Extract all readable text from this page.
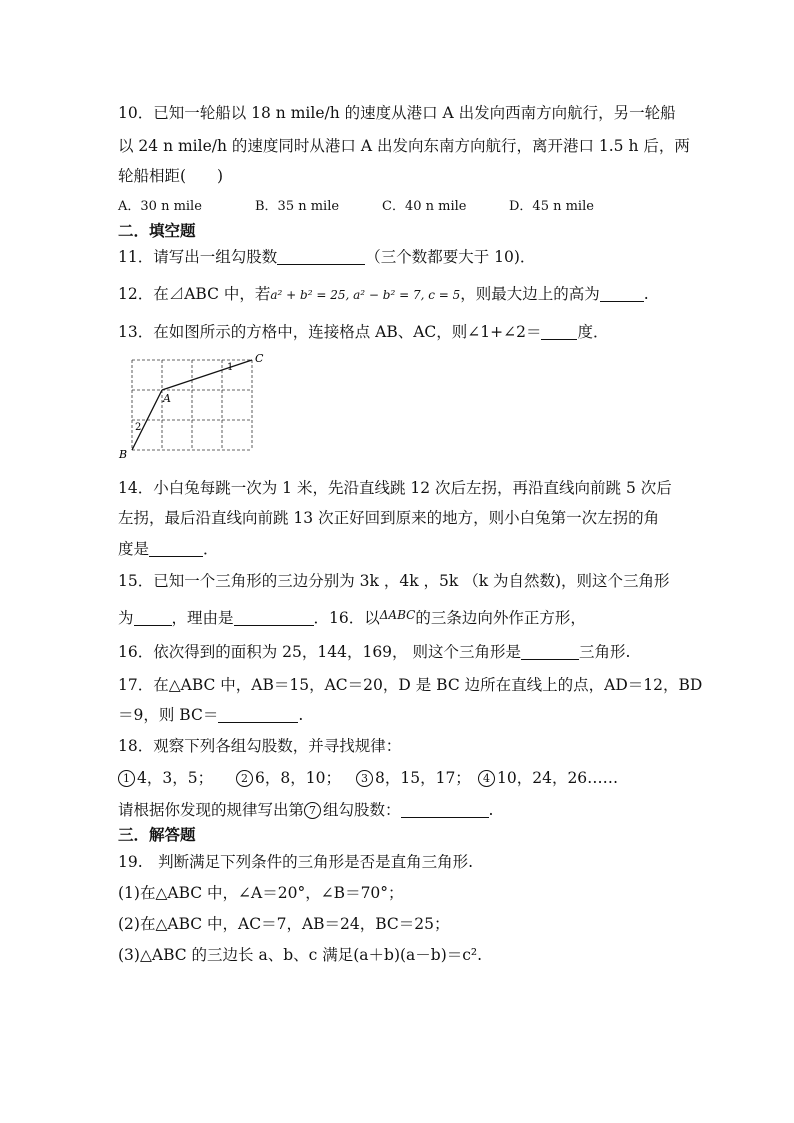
10．已知一轮船以 18 n mile/h 的速度从港口 A 出发向西南方向航行，另一轮船
以 24 n mile/h 的速度同时从港口 A 出发向东南方向航行，离开港口 1.5 h 后，两
轮船相距(　　)
A．30 n mile	B．35 n mile	C．40 n mile	D．45 n mile
二．填空题
11．请写出一组勾股数	（三个数都要大于 10)．
12．在⊿ABC 中，若a² + b² = 25, a² − b² = 7, c = 5，则最大边上的高为	.
13．在如图所示的方格中，连接格点 AB、AC，则∠1+∠2＝ 度．
A
B
C
1
2
14．小白兔每跳一次为 1 米，先沿直线跳 12 次后左拐，再沿直线向前跳 5 次后
左拐，最后沿直线向前跳 13 次正好回到原来的地方，则小白兔第一次左拐的角
度是	．
15．已知一个三角形的三边分别为 3k ，4k ，5k （k 为自然数)，则这个三角形
为 ，理由是	．16．以$^{\Delta ABC}$的三条边向外作正方形，
16．依次得到的面积为 25，144，169， 则这个三角形是	三角形.
17．在△ABC 中，AB＝15，AC＝20，D 是 BC 边所在直线上的点，AD＝12，BD
＝9，则 BC＝	.
18．观察下列各组勾股数，并寻找规律：
1 4，3，5；	2 6，8，10； 3 8，15，17； 4 10，24，26……
请根据你发现的规律写出第 7 组勾股数：	.
三．解答题
19.　判断满足下列条件的三角形是否是直角三角形.
(1)在△ABC 中，∠A＝20°，∠B＝70°；
(2)在△ABC 中，AC＝7，AB＝24，BC＝25；
(3)△ABC 的三边长 a、b、c 满足(a＋b)(a－b)＝c².
